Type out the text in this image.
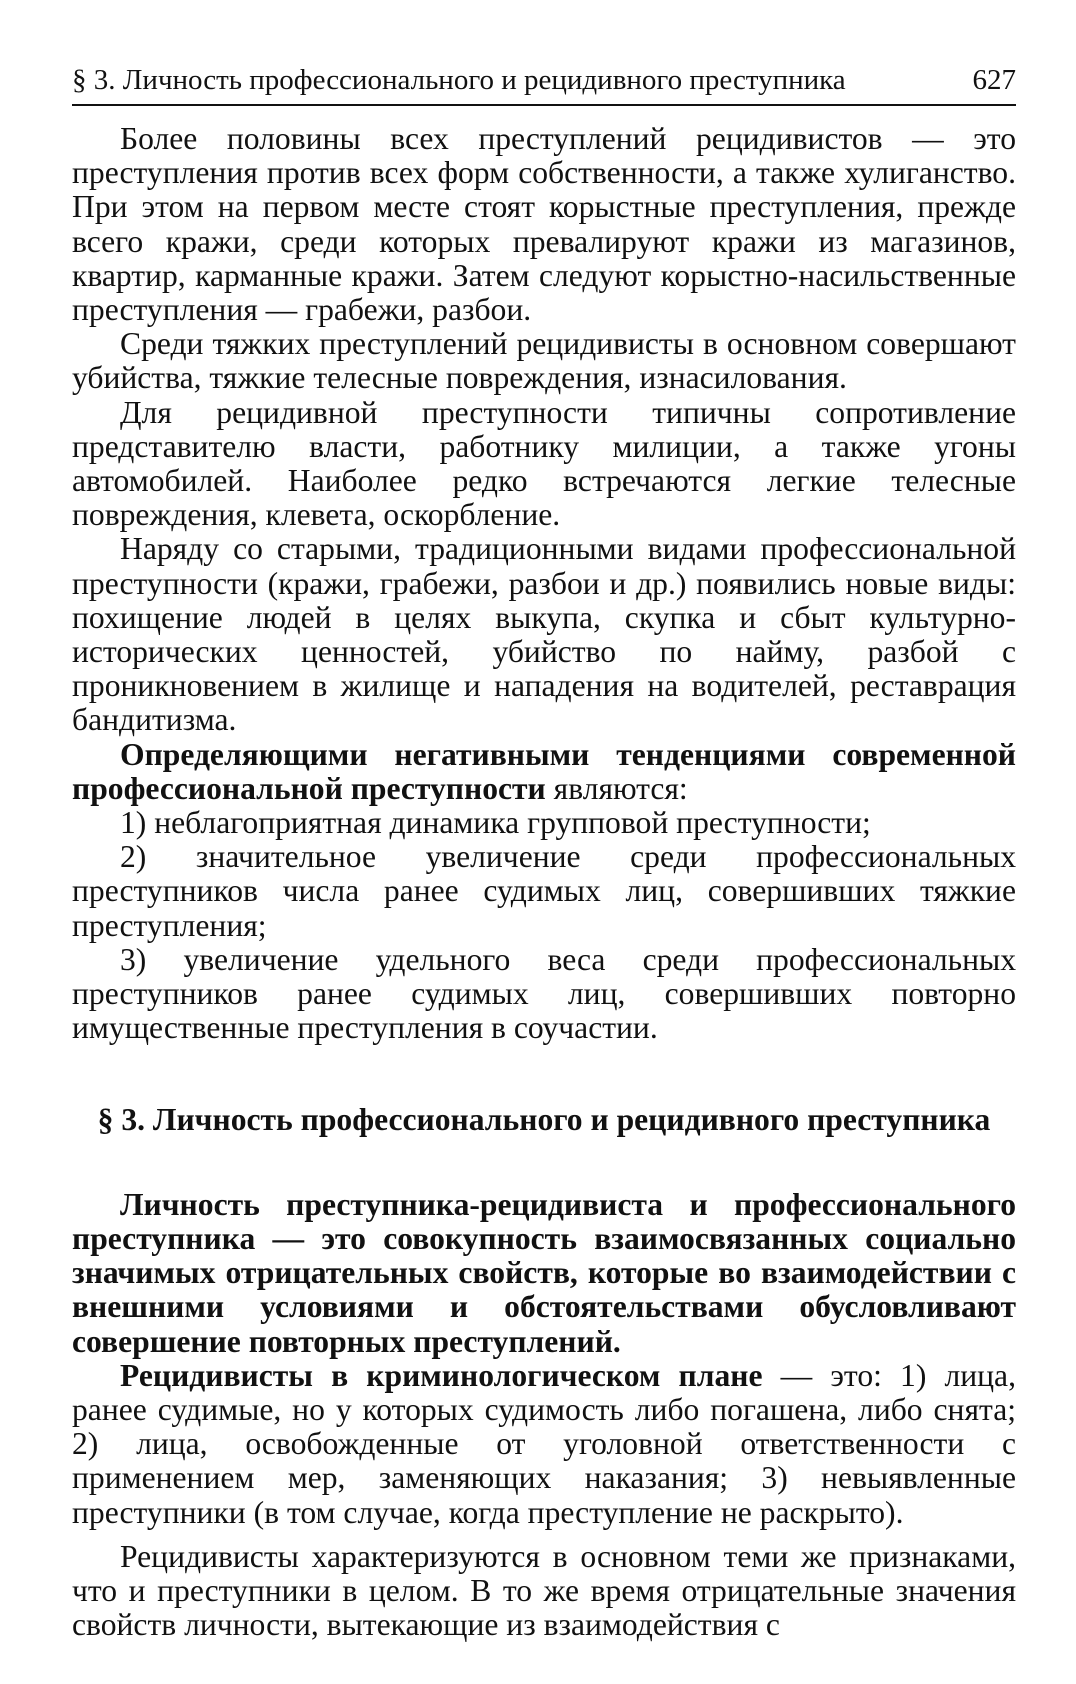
§ 3. Личность профессионального и рецидивного преступника	627

Более половины всех преступлений рецидивистов — это преступления против всех форм собственности, а также хулиганство. При этом на первом месте стоят корыстные преступления, прежде всего кражи, среди которых превалируют кражи из магазинов, квартир, карманные кражи. Затем следуют корыстно-насильственные преступления — грабежи, разбои.

Среди тяжких преступлений рецидивисты в основном совершают убийства, тяжкие телесные повреждения, изнасилования.

Для рецидивной преступности типичны сопротивление представителю власти, работнику милиции, а также угоны автомобилей. Наиболее редко встречаются легкие телесные повреждения, клевета, оскорбление.

Наряду со старыми, традиционными видами профессиональной преступности (кражи, грабежи, разбои и др.) появились новые виды: похищение людей в целях выкупа, скупка и сбыт культурно-исторических ценностей, убийство по найму, разбой с проникновением в жилище и нападения на водителей, реставрация бандитизма.

Определяющими негативными тенденциями современной профессиональной преступности являются:

1) неблагоприятная динамика групповой преступности;

2) значительное увеличение среди профессиональных преступников числа ранее судимых лиц, совершивших тяжкие преступления;

3) увеличение удельного веса среди профессиональных преступников ранее судимых лиц, совершивших повторно имущественные преступления в соучастии.

§ 3. Личность профессионального и рецидивного преступника

Личность преступника-рецидивиста и профессионального преступника — это совокупность взаимосвязанных социально значимых отрицательных свойств, которые во взаимодействии с внешними условиями и обстоятельствами обусловливают совершение повторных преступлений.

Рецидивисты в криминологическом плане — это: 1) лица, ранее судимые, но у которых судимость либо погашена, либо снята; 2) лица, освобожденные от уголовной ответственности с применением мер, заменяющих наказания; 3) невыявленные преступники (в том случае, когда преступление не раскрыто).

Рецидивисты характеризуются в основном теми же признаками, что и преступники в целом. В то же время отрицательные значения свойств личности, вытекающие из взаимодействия с
